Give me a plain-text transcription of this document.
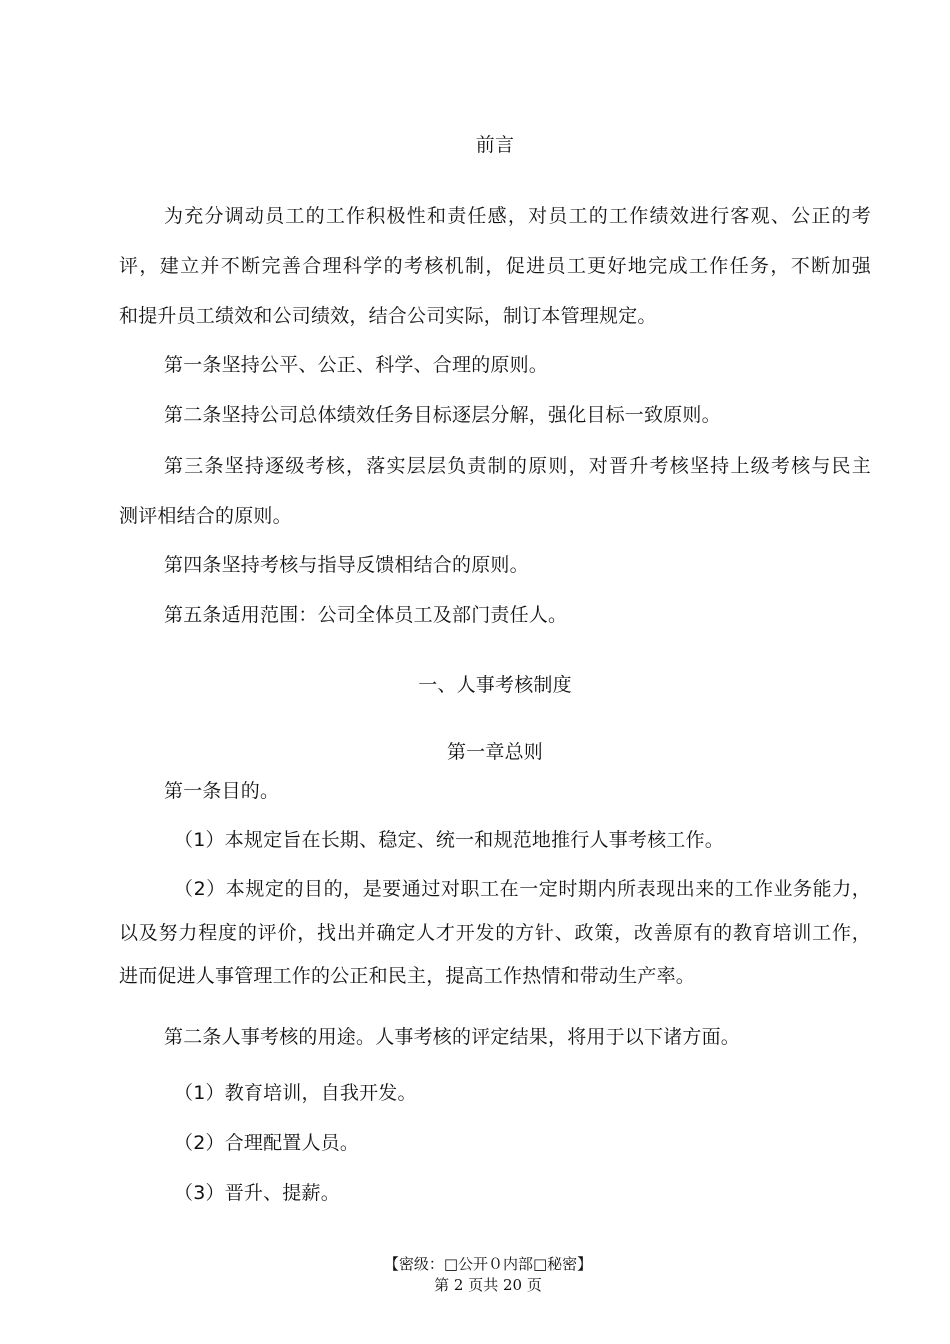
前言
为充分调动员工的工作积极性和责任感，对员工的工作绩效进行客观、公正的考
评，建立并不断完善合理科学的考核机制，促进员工更好地完成工作任务，不断加强
和提升员工绩效和公司绩效，结合公司实际，制订本管理规定。
第一条坚持公平、公正、科学、合理的原则。
第二条坚持公司总体绩效任务目标逐层分解，强化目标一致原则。
第三条坚持逐级考核，落实层层负责制的原则，对晋升考核坚持上级考核与民主
测评相结合的原则。
第四条坚持考核与指导反馈相结合的原则。
第五条适用范围：公司全体员工及部门责任人。
一、人事考核制度
第一章总则
第一条目的。
（1）本规定旨在长期、稳定、统一和规范地推行人事考核工作。
（2）本规定的目的，是要通过对职工在一定时期内所表现出来的工作业务能力，
以及努力程度的评价，找出并确定人才开发的方针、政策，改善原有的教育培训工作，
进而促进人事管理工作的公正和民主，提高工作热情和带动生产率。
第二条人事考核的用途。人事考核的评定结果，将用于以下诸方面。
（1）教育培训，自我开发。
（2）合理配置人员。
（3）晋升、提薪。
【密级：□公开０内部□秘密】
第 2 页共 20 页
